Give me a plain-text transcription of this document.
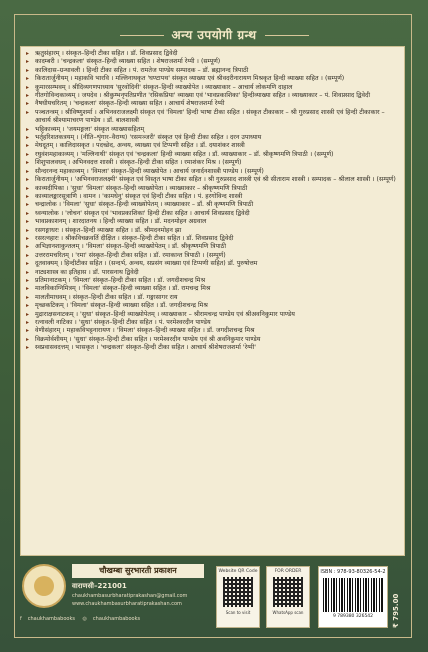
अन्य उपयोगी ग्रन्थ
▸ ऋतुसंहारम् । संस्कृत–हिन्दी टीका सहित । डॉ. शिवप्रसाद द्विवेदी
▸ कादम्बरी । 'चन्द्रकला' संस्कृत–हिन्दी व्याख्या सहित । शेषराजशर्मा रेग्मी । (सम्पूर्ण)
▸ कालिदास–ग्रन्थावली । हिन्दी टीका सहित । पं. रामतेज पाण्डेय सम्पादक – डॉ. ब्रह्मानन्द त्रिपाठी
▸ किरातार्जुनीयम् । महाकवि भारवि । मल्लिनाथकृत 'घण्टापथ' संस्कृत व्याख्या एवं श्रीवदरीनारायण मिश्रकृत हिन्दी व्याख्या सहित । (सम्पूर्ण)
▸ कुमारसम्भवम् । श्रीदिव्यगणपाध्याय 'सुरवोदिनी' संस्कृत–हिन्दी व्याख्योपेत । व्याख्याकार – आचार्य लोकमणि दाहाल
▸ गीतगोविन्दकाव्यम् । जयदेव । श्रीकुम्भनृपतिप्रणीत 'रसिकप्रिया' व्याख्या एवं 'भावप्रकाशिका' हिन्दीव्याख्या सहित । व्याख्याकार – पं. शिवप्रसाद द्विवेदी
▸ नैषधीयचरितम् । 'चन्द्रकला' संस्कृत–हिन्दी व्याख्या सहित । आचार्य शेषराजशर्मा रेग्मी
▸ पञ्चतन्त्रम् । श्रीविष्णुशर्मा । अभिनवराजलक्ष्मी संस्कृत एवं 'विमला' हिन्दी भाषा टीका सहित । संस्कृत टीकाकार – श्री गुरुप्रसाद शास्त्री एवं हिन्दी टीकाकार – आचार्य श्रीश्यामाचरण पाण्डेय । डॉ. बालशास्त्री
▸ भट्टिकाव्यम् । 'जयमङ्गला' संस्कृत व्याख्यासहितम्
▸ भर्तृहरिशतकत्रयम् । (नीति–शृंगार–वैराग्य) 'रसमञ्जरी' संस्कृत एवं हिन्दी टीका सहित । दरन उपाध्याय
▸ मेघदूतम् । कालिदासकृत । पदच्छेद, अन्वय, व्याख्या एवं टिप्पणी सहित । डॉ. दयाशंकर शास्त्री
▸ रघुवंशमहाकाव्यम् । 'मल्लिनाथी' संस्कृत एवं 'चन्द्रकला' हिन्दी व्याख्या सहित । डॉ. व्याख्याकार – डॉ. श्रीकृष्णमणि त्रिपाठी । (सम्पूर्ण)
▸ शिशुपालवधम् । अभिनवदत्त शास्त्री । संस्कृत–हिन्दी टीका सहित । रमाशंकर मिश्र । (सम्पूर्ण)
▸ सौन्दरनन्द महाकाव्यम् । 'विमला' संस्कृत–हिन्दी व्याख्योपेत । आचार्य जनार्दनशास्त्री पाण्डेय । (सम्पूर्ण)
▸ किरातार्जुनीयम् । 'अभिनवराजलक्ष्मी' संस्कृत एवं विस्तृत भाषा टीका सहित । श्री गुरुप्रसाद शास्त्री एवं श्री सीताराम शास्त्री । सम्पादक – श्रीलाल शास्त्री । (सम्पूर्ण)
▸ काव्यदीपिका । 'सुधा' 'विमला' संस्कृत–हिन्दी व्याख्योपेता । व्याख्याकार – श्रीकृष्णमणि त्रिपाठी
▸ काव्यालङ्कारसूत्राणि । वामन । 'कामधेनु' संस्कृत एवं हिन्दी टीका सहित । पं. हरगोविन्द शास्त्री
▸ चन्द्रालोक । 'विमला' 'सुधा' संस्कृत–हिन्दी व्याख्योपेतम् । व्याख्याकार – डॉ. श्री कृष्णमणि त्रिपाठी
▸ ध्वन्यालोक । 'लोचन' संस्कृत एवं 'भावप्रकाशिका' हिन्दी टीका सहित । आचार्य शिवप्रसाद द्विवेदी
▸ भावप्रकाशनम् । शारदातनय । हिन्दी व्याख्या सहित । डॉ. मदनमोहन अग्रवाल
▸ रसगङ्गाधरः । संस्कृत–हिन्दी व्याख्या सहित । डॉ. श्रीमदनमोहन झा
▸ रसरत्नहारः । श्रीकविचक्रवर्ति दीक्षित । संस्कृत–हिन्दी टीका सहित । डॉ. शिवप्रसाद द्विवेदी
▸ अभिज्ञानशाकुन्तलम् । 'विमला' संस्कृत–हिन्दी व्याख्योपेतम् । डॉ. श्रीकृष्णमणि त्रिपाठी
▸ उत्तररामचरितम् । 'रमा' संस्कृत–हिन्दी टीका सहित । डॉ. रमाकान्त त्रिपाठी । (सम्पूर्ण)
▸ दूतवाक्यम् । हिन्दीटीका सहित । (सन्दर्भ, अन्वय, सप्रसंग व्याख्या एवं टिप्पणी सहित) डॉ. पुरुषोत्तम
▸ नाट्यशास्त्र का इतिहास । डॉ. पारसनाथ द्विवेदी
▸ प्रतिमानाटकम् । 'विमला' संस्कृत–हिन्दी टीका सहित । डॉ. जगदीशचन्द्र मिश्र
▸ मालविकाग्निमित्रम् । 'विमला' संस्कृत–हिन्दी व्याख्या सहित । डॉ. रामचन्द्र मिश्र
▸ मालतीमाधवम् । संस्कृत–हिन्दी टीका सहित । डॉ. गङ्गासागर राय
▸ मृच्छकटिकम् । 'विमला' संस्कृत–हिन्दी व्याख्या सहित । डॉ. जगदीशचन्द्र मिश्र
▸ मुद्राराक्षसनाटकम् । 'सुधा' संस्कृत–हिन्दी व्याख्योपेतम् । व्याख्याकार – श्रीरामचन्द्र पाण्डेय एवं श्रीअवनिकुमार पाण्डेय
▸ रत्नावली नाटिका । 'सुधा' संस्कृत–हिन्दी टीका सहित । पं. परमेश्वरदीन पाण्डेय
▸ वेणीसंहारम् । महाकविभट्टनारायण । 'विमला' संस्कृत–हिन्दी व्याख्या सहित । डॉ. जगदीशचन्द्र मिश्र
▸ विक्रमोर्वशीयम् । 'सुधा' संस्कृत–हिन्दी टीका सहित । परमेश्वरदीन पाण्डेय एवं श्री अवनिकुमार पाण्डेय
▸ स्वप्नवासवदत्तम् । भासकृत । 'चन्द्रकला' संस्कृत–हिन्दी टीका सहित । आचार्य श्रीशेषराजशर्मा 'रेग्मी'
चौखम्बा सुरभारती प्रकाशन
वाराणसी–221001
chaukhambasurbharatiprakashan@gmail.com
www.chaukhambasurbharatiprakashan.com
f chaukhambabooks ◎ chaukhambabooks
Website QR Code
Scan to visit
FOR ORDER
WhatsApp scan
ISBN : 978-93-80326-54-2
9 789380 326542	₹ 795.00
